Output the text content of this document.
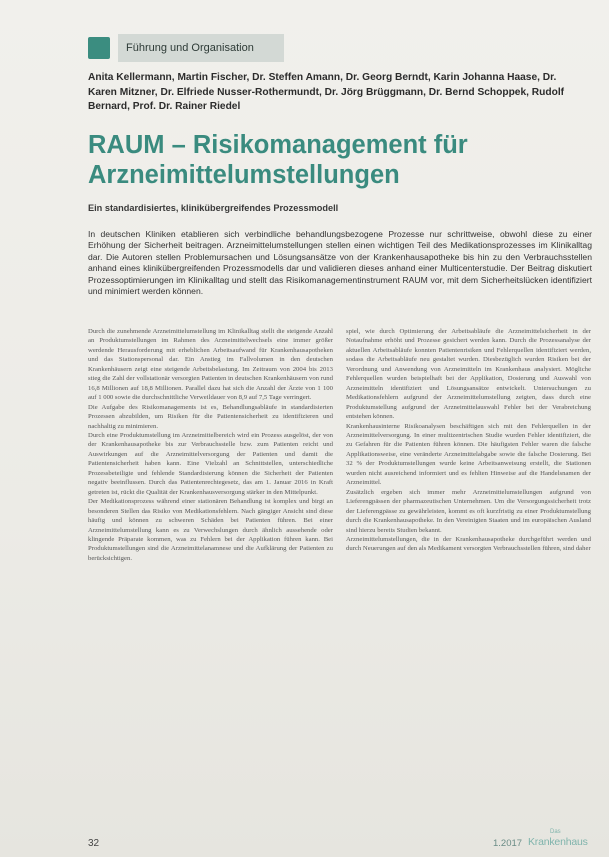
Führung und Organisation
Anita Kellermann, Martin Fischer, Dr. Steffen Amann, Dr. Georg Berndt, Karin Johanna Haase, Dr. Karen Mitzner, Dr. Elfriede Nusser-Rothermundt, Dr. Jörg Brüggmann, Dr. Bernd Schoppek, Rudolf Bernard, Prof. Dr. Rainer Riedel
RAUM – Risikomanagement für Arzneimittelumstellungen
Ein standardisiertes, klinikübergreifendes Prozessmodell
In deutschen Kliniken etablieren sich verbindliche behandlungsbezogene Prozesse nur schrittweise, obwohl diese zu einer Erhöhung der Sicherheit beitragen. Arzneimittelumstellungen stellen einen wichtigen Teil des Medikationsprozesses im Klinikalltag dar. Die Autoren stellen Problemursachen und Lösungsansätze von der Krankenhausapotheke bis hin zu den Verbrauchsstellen anhand eines klinikübergreifenden Prozessmodells dar und validieren dieses anhand einer Multicenterstudie. Der Beitrag diskutiert Prozessoptimierungen im Klinikalltag und stellt das Risikomanagementinstrument RAUM vor, mit dem Sicherheitslücken identifiziert und minimiert werden können.

Durch die zunehmende Arzneimittelumstellung im Klinikalltag stellt die steigende Anzahl an Produktumstellungen im Rahmen des Arzneimittelwechsels eine immer größer werdende Herausforderung mit erheblichen Arbeitsaufwand für Krankenhausapotheken und das Stationspersonal dar. Ein Anstieg im Fallvolumen in den deutschen Krankenhäusern zeigt eine steigende Arbeitsbelastung. Im Zeitraum von 2004 bis 2013 stieg die Zahl der vollstationär versorgten Patienten in deutschen Krankenhäusern von rund 16,8 Millionen auf 18,8 Millionen. Parallel dazu hat sich die Anzahl der Ärzte von 1 100 auf 1 000 sowie die durchschnittliche Verweildauer von 8,9 auf 7,5 Tage verringert.

Die Aufgabe des Risikomanagements ist es, Behandlungsabläufe in standardisierten Prozessen abzubilden, um Risiken für die Patientensicherheit zu identifizieren und nachhaltig zu minimieren.

Durch eine Produktumstellung im Arzneimittelbereich wird ein Prozess ausgelöst, der von der Krankenhausapotheke bis zur Verbrauchsstelle bzw. zum Patienten reicht und Auswirkungen auf die Arzneimittelversorgung der Patienten und damit die Patientensicherheit haben kann. Eine Vielzahl an Schnittstellen, unterschiedliche Prozessbeteiligte und fehlende Standardisierung können die Sicherheit der Patienten negativ beeinflussen. Durch das Patientenrechtegesetz, das am 1. Januar 2016 in Kraft getreten ist, rückt die Qualität der Krankenhausversorgung stärker in den Mittelpunkt.

Der Medikationsprozess während einer stationären Behandlung ist komplex und birgt an besonderen Stellen das Risiko von Medikationsfehlern. Nach gängiger Ansicht sind diese häufig und können zu schweren Schäden bei Patienten führen. Bei einer Arzneimittelumstellung kann es zu Verwechslungen durch ähnlich aussehende oder klingende Präparate kommen, was zu Fehlern bei der Applikation führen kann. Bei Produktumstellungen sind die Arzneimittelanamnese und die Aufklärung der Patienten zu berücksichtigen.

spiel, wie durch Optimierung der Arbeitsabläufe die Arzneimittelsicherheit in der Notaufnahme erhöht und Prozesse gesichert werden kann. Durch die Prozessanalyse der aktuellen Arbeitsabläufe konnten Patientenrisiken und Fehlerquellen identifiziert werden, sodass die Arbeitsabläufe neu gestaltet wurden. Diesbezüglich wurden Risiken bei der Verordnung und Anwendung von Arzneimitteln im Krankenhaus analysiert. Mögliche Fehlerquellen wurden beispielhaft bei der Applikation, Dosierung und Auswahl von Arzneimitteln identifiziert und Lösungsansätze entwickelt. Untersuchungen zu Medikationsfehlern aufgrund der Arzneimittelumstellung zeigten, dass durch eine Produktumstellung aufgrund der Arzneimittelauswahl Fehler bei der Verabreichung entstehen können.

Krankenhausinterne Risikoanalysen beschäftigen sich mit den Fehlerquellen in der Arzneimittelversorgung. In einer multizentrischen Studie wurden Fehler identifiziert, die zu Gefahren für die Patienten führen können. Die häufigsten Fehler waren die falsche Applikationsweise, eine veränderte Arzneimittelabgabe sowie die falsche Dosierung. Bei 32 % der Produktumstellungen wurde keine Arbeitsanweisung erstellt, die Stationen wurden nicht ausreichend informiert und es fehlten Hinweise auf die Handelsnamen der Arzneimittel.

Zusätzlich ergeben sich immer mehr Arzneimittelumstellungen aufgrund von Lieferengpässen der pharmazeutischen Unternehmen. Um die Versorgungssicherheit trotz der Lieferengpässe zu gewährleisten, kommt es oft kurzfristig zu einer Produktumstellung durch die Krankenhausapotheke. In den Vereinigten Staaten und im europäischen Ausland sind hierzu bereits Studien bekannt.

Arzneimittelumstellungen, die in der Krankenhausapotheke durchgeführt werden und durch Neuerungen auf den als Medikament versorgten Verbrauchsstellen führen, sind daher

32	1.2017
Das
Krankenhaus
